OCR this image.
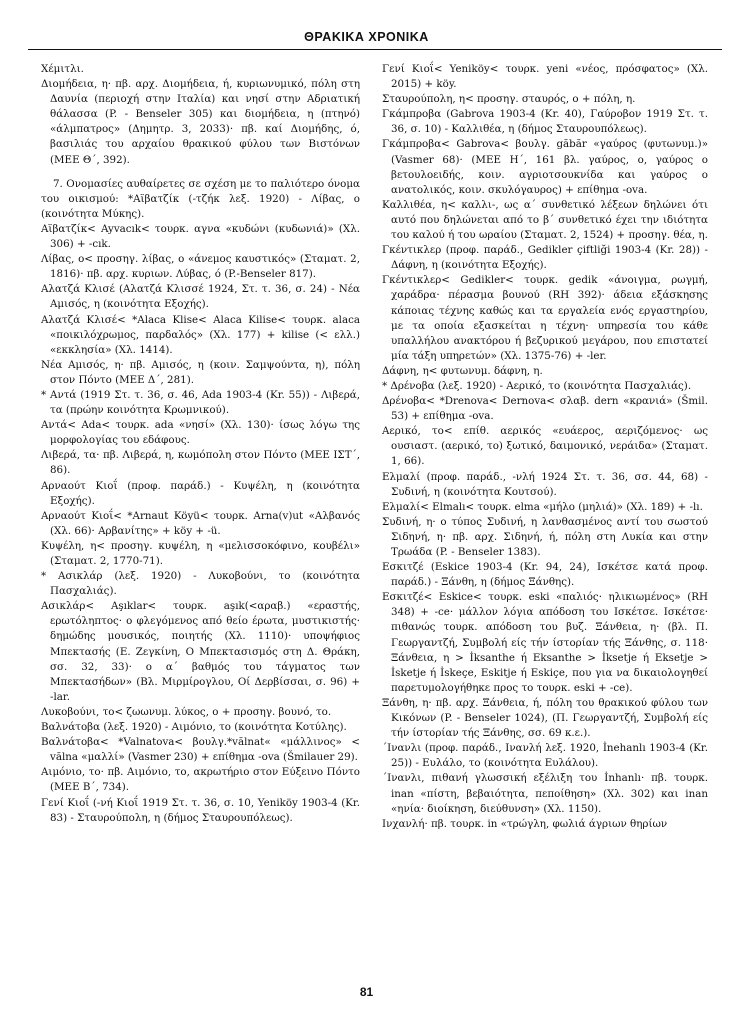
ΘΡΑΚΙΚΑ ΧΡΟΝΙΚΑ

Χέμιτλι.

Διομήδεια, η· πβ. αρχ. Διομήδεια, ή, κυριωνυμικό, πόλη στη Δαυνία (περιοχή στην Ιταλία) και νησί στην Αδριατική θάλασσα (P. - Benseler 305) και διομήδεια, η (πτηνό) «άλμπατρος» (Δημητρ. 3, 2033)· πβ. καί Διομήδης, ό, βασιλιάς του αρχαίου θρακικού φύλου των Βιστόνων (ΜΕΕ Θ΄, 392).

7. Ονομασίες αυθαίρετες σε σχέση με το παλιότερο όνομα του οικισμού: *Αϊβατζίκ (-τζήκ λεξ. 1920) - Λίβας, ο (κοινότητα Μύκης).

Αϊβατζίκ< Ayvacık< τουρκ. αγνα «κυδώνι (κυδωνιά)» (Χλ. 306) + -cık.

Λίβας, ο< προσηγ. λίβας, ο «άνεμος καυστικός» (Σταματ. 2, 1816)· πβ. αρχ. κυριων. Λύβας, ό (P.-Benseler 817).

Αλατζά Κλισέ (Αλατζά Κλισσέ 1924, Στ. τ. 36, σ. 24) - Νέα Αμισός, η (κοινότητα Εξοχής).

Αλατζά Κλισέ< *Alaca Klise< Alaca Kilise< τουρκ. alaca «ποικιλόχρωμος, παρδαλός» (Χλ. 177) + kilise (< ελλ.) «εκκλησία» (Χλ. 1414).

Νέα Αμισός, η· πβ. Αμισός, η (κοιν. Σαμψούντα, η), πόλη στον Πόντο (ΜΕΕ Δ΄, 281).

* Αντά (1919 Στ. τ. 36, σ. 46, Ada 1903-4 (Kr. 55)) - Λιβερά, τα (πρώην κοινότητα Κρωμνικού).

Αντά< Ada< τουρκ. ada «νησί» (Χλ. 130)· ίσως λόγω της μορφολογίας του εδάφους.

Λιβερά, τα· πβ. Λιβερά, η, κωμόπολη στον Πόντο (ΜΕΕ ΙΣΤ΄, 86).

Αρναούτ Κιοΐ (προφ. παράδ.) - Κυψέλη, η (κοινότητα Εξοχής).

Αρναούτ Κιοΐ< *Arnaut Köyü< τουρκ. Arna(v)ut «Αλβανός (Χλ. 66)· Αρβανίτης» + köy + -ü.

Κυψέλη, η< προσηγ. κυψέλη, η «μελισσοκόφινο, κουβέλι» (Σταματ. 2, 1770-71).

* Ασικλάρ (λεξ. 1920) - Λυκοβούνι, το (κοινότητα Πασχαλιάς).

Ασικλάρ< Aşıklar< τουρκ. aşık(<αραβ.) «εραστής, ερωτόληπτος· ο φλεγόμενος από θείο έρωτα, μυστικιστής· δημώδης μουσικός, ποιητής (Χλ. 1110)· υποψήφιος Μπεκτασής (Ε. Ζεγκίνη, Ο Μπεκτασισμός στη Δ. Θράκη, σσ. 32, 33)· ο α΄ βαθμός του τάγματος των Μπεκτασήδων» (Βλ. Μιρμίρογλου, Οί Δερβίσσαι, σ. 96) + -lar.

Λυκοβούνι, το< ζωωνυμ. λύκος, ο + προσηγ. βουνό, το.

Βαλνάτοβα (λεξ. 1920) - Αιμόνιο, το (κοινότητα Κοτύλης).

Βαλνάτοβα< *Valnatova< βουλγ.*vălnat« «μάλλινος» < vălna «μαλλί» (Vasmer 230) + επίθημα -ova (Šmilauer 29).

Αιμόνιο, το· πβ. Αιμόνιο, το, ακρωτήριο στον Εύξεινο Πόντο (ΜΕΕ Β΄, 734).

Γενί Κιοΐ (-νή Κιοΐ 1919 Στ. τ. 36, σ. 10, Yeniköy 1903-4 (Kr. 83) - Σταυρούπολη, η (δήμος Σταυρουπόλεως).

Γενί Κιοΐ< Yeniköy< τουρκ. yeni «νέος, πρόσφατος» (Χλ. 2015) + köy.

Σταυρούπολη, η< προσηγ. σταυρός, ο + πόλη, η.

Γκάμπροβα (Gabrova 1903-4 (Kr. 40), Γαύροβον 1919 Στ. τ. 36, σ. 10) - Καλλιθέα, η (δήμος Σταυρουπόλεως).

Γκάμπροβα< Gabrova< βουλγ. găbăr «γαύρος (φυτωνυμ.)» (Vasmer 68)· (ΜΕΕ Η΄, 161 βλ. γαύρος, ο, γαύρος ο βετουλοειδής, κοιν. αγριοτσουκνίδα και γαύρος ο ανατολικός, κοιν. σκυλόγαυρος) + επίθημα -ova.

Καλλιθέα, η< καλλι-, ως α΄ συνθετικό λέξεων δηλώνει ότι αυτό που δηλώνεται από το β΄ συνθετικό έχει την ιδιότητα του καλού ή του ωραίου (Σταματ. 2, 1524) + προσηγ. θέα, η.

Γκέντικλερ (προφ. παράδ., Gedikler çiftliği 1903-4 (Kr. 28)) - Δάφνη, η (κοινότητα Εξοχής).

Γκέντικλερ< Gedikler< τουρκ. gedik «άνοιγμα, ρωγμή, χαράδρα· πέρασμα βουνού (RH 392)· άδεια εξάσκησης κάποιας τέχνης καθώς και τα εργαλεία ενός εργαστηρίου, με τα οποία εξασκείται η τέχνη· υπηρεσία του κάθε υπαλλήλου ανακτόρου ή βεζυρικού μεγάρου, που επιστατεί μία τάξη υπηρετών» (Χλ. 1375-76) + -ler.

Δάφνη, η< φυτωνυμ. δάφνη, η.

* Δρένοβα (λεξ. 1920) - Αερικό, το (κοινότητα Πασχαλιάς).

Δρένοβα< *Drenova< Dernova< σλαβ. dern «κρανιά» (Šmil. 53) + επίθημα -ova.

Αερικό, το< επίθ. αερικός «ευάερος, αεριζόμενος· ως ουσιαστ. (αερικό, το) ξωτικό, δαιμονικό, νεράιδα» (Σταματ. 1, 66).

Ελμαλί (προφ. παράδ., -νλή 1924 Στ. τ. 36, σσ. 44, 68) - Συδινή, η (κοινότητα Κουτσού).

Ελμαλί< Elmalı< τουρκ. elma «μήλο (μηλιά)» (Χλ. 189) + -lı.

Συδινή, η· ο τύπος Συδινή, η λανθασμένος αντί του σωστού Σιδηνή, η· πβ. αρχ. Σιδηνή, ή, πόλη στη Λυκία και στην Τρωάδα (P. - Benseler 1383).

Εσκιτζέ (Eskice 1903-4 (Kr. 94, 24), Ισκέτσε κατά προφ. παράδ.) - Ξάνθη, η (δήμος Ξάνθης).

Εσκιτζέ< Eskice< τουρκ. eski «παλιός· ηλικιωμένος» (RH 348) + -ce· μάλλον λόγια απόδοση του Ισκέτσε. Ισκέτσε· πιθανώς τουρκ. απόδοση του βυζ. Ξάνθεια, η· (βλ. Π. Γεωργαντζή, Συμβολή είς τήν ίστορίαν τής Ξάνθης, σ. 118· Ξάνθεια, η > İksanthe ή Eksanthe > İksetje ή Eksetje > İsketje ή İskeçe, Eskitje ή Eskiçe, που για να δικαιολογηθεί παρετυμολογήθηκε προς το τουρκ. eski + -ce).

Ξάνθη, η· πβ. αρχ. Ξάνθεια, ή, πόλη του θρακικού φύλου των Κικόνων (P. - Benseler 1024), (Π. Γεωργαντζή, Συμβολή είς τήν ίστορίαν τής Ξάνθης, σσ. 69 κ.ε.).

΄Ινανλι (προφ. παράδ., Ινανλή λεξ. 1920, İnehanlı 1903-4 (Kr. 25)) - Ευλάλο, το (κοινότητα Ευλάλου).

΄Ινανλι, πιθανή γλωσσική εξέλιξη του İnhanlı· πβ. τουρκ. inan «πίστη, βεβαιότητα, πεποίθηση» (Χλ. 302) και inan «ηνία· διοίκηση, διεύθυνση» (Χλ. 1150).

Ινχανλή· πβ. τουρκ. in «τρώγλη, φωλιά άγριων θηρίων

81
